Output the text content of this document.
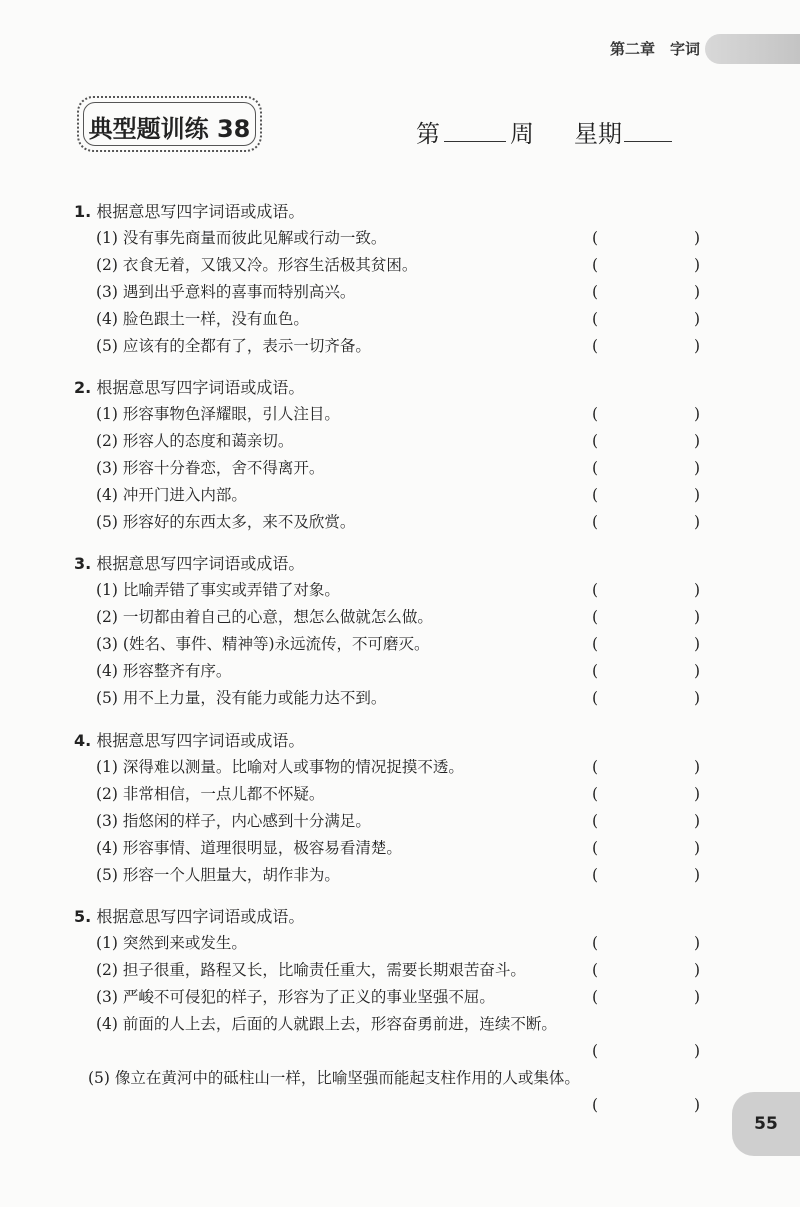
第二章　字词
典型题训练 38	第	周 星期
1. 根据意思写四字词语或成语。
(1) 没有事先商量而彼此见解或行动一致。	(	)
(2) 衣食无着，又饿又冷。形容生活极其贫困。	(	)
(3) 遇到出乎意料的喜事而特别高兴。	(	)
(4) 脸色跟土一样，没有血色。	(	)
(5) 应该有的全都有了，表示一切齐备。	(	)
2. 根据意思写四字词语或成语。
(1) 形容事物色泽耀眼，引人注目。	(	)
(2) 形容人的态度和蔼亲切。	(	)
(3) 形容十分眷恋，舍不得离开。	(	)
(4) 冲开门进入内部。	(	)
(5) 形容好的东西太多，来不及欣赏。	(	)
3. 根据意思写四字词语或成语。
(1) 比喻弄错了事实或弄错了对象。	(	)
(2) 一切都由着自己的心意，想怎么做就怎么做。	(	)
(3) (姓名、事件、精神等)永远流传，不可磨灭。	(	)
(4) 形容整齐有序。	(	)
(5) 用不上力量，没有能力或能力达不到。	(	)
4. 根据意思写四字词语或成语。
(1) 深得难以测量。比喻对人或事物的情况捉摸不透。	(	)
(2) 非常相信，一点儿都不怀疑。	(	)
(3) 指悠闲的样子，内心感到十分满足。	(	)
(4) 形容事情、道理很明显，极容易看清楚。	(	)
(5) 形容一个人胆量大，胡作非为。	(	)
5. 根据意思写四字词语或成语。
(1) 突然到来或发生。	(	)
(2) 担子很重，路程又长，比喻责任重大，需要长期艰苦奋斗。	(	)
(3) 严峻不可侵犯的样子，形容为了正义的事业坚强不屈。	(	)
(4) 前面的人上去，后面的人就跟上去，形容奋勇前进，连续不断。
(	)
(5) 像立在黄河中的砥柱山一样，比喻坚强而能起支柱作用的人或集体。
(	)
55
